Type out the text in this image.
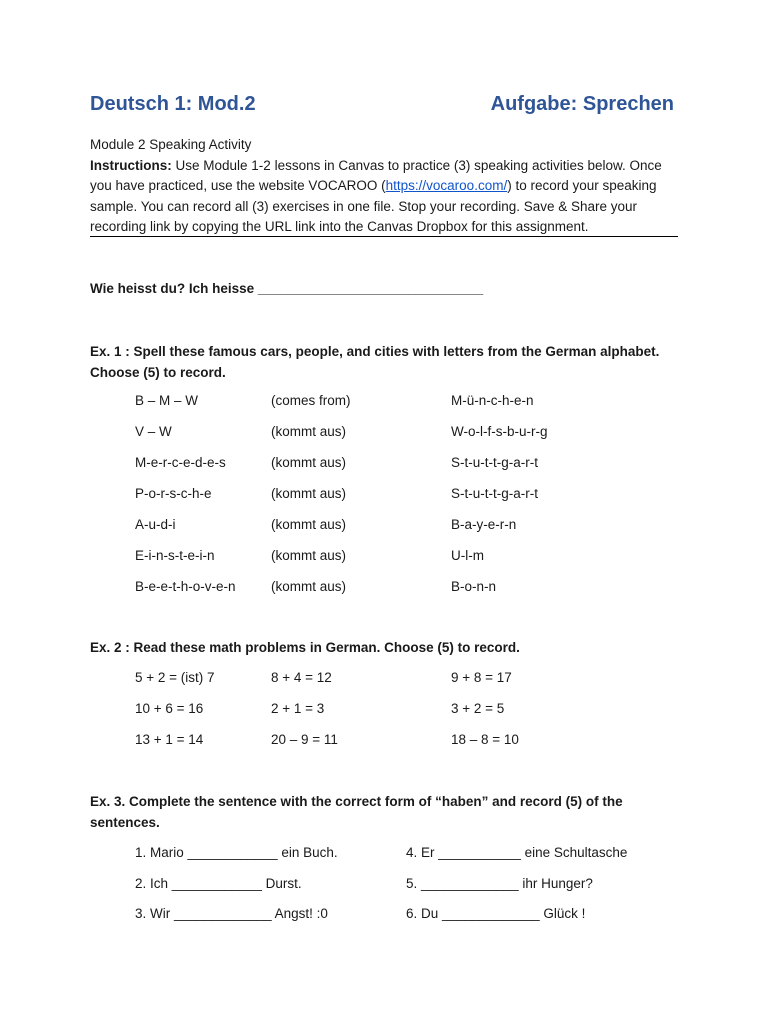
Deutsch 1: Mod.2	Aufgabe: Sprechen
Module 2 Speaking Activity
Instructions: Use Module 1-2 lessons in Canvas to practice (3) speaking activities below. Once you have practiced, use the website VOCAROO (https://vocaroo.com/) to record your speaking sample. You can record all (3) exercises in one file. Stop your recording. Save & Share your recording link by copying the URL link into the Canvas Dropbox for this assignment.
Wie heisst du? Ich heisse ______________________________
Ex. 1 : Spell these famous cars, people, and cities with letters from the German alphabet. Choose (5) to record.
B – M – W	(comes from)	M-ü-n-c-h-e-n
V – W	(kommt aus)	W-o-l-f-s-b-u-r-g
M-e-r-c-e-d-e-s	(kommt aus)	S-t-u-t-t-g-a-r-t
P-o-r-s-c-h-e	(kommt aus)	S-t-u-t-t-g-a-r-t
A-u-d-i	(kommt aus)	B-a-y-e-r-n
E-i-n-s-t-e-i-n	(kommt aus)	U-l-m
B-e-e-t-h-o-v-e-n	(kommt aus)	B-o-n-n
Ex. 2 : Read these math problems in German. Choose (5) to record.
5 + 2 = (ist) 7	8 + 4 = 12	9 + 8 = 17
10 + 6 = 16	2 + 1 = 3	3 + 2 = 5
13 + 1 = 14	20 – 9 = 11	18 – 8 = 10
Ex. 3. Complete the sentence with the correct form of “haben” and record (5) of the sentences.
1. Mario ____________ ein Buch.	4. Er ___________ eine Schultasche
2. Ich ____________ Durst.	5. _____________ ihr Hunger?
3. Wir _____________ Angst! :0	6. Du _____________ Glück !
